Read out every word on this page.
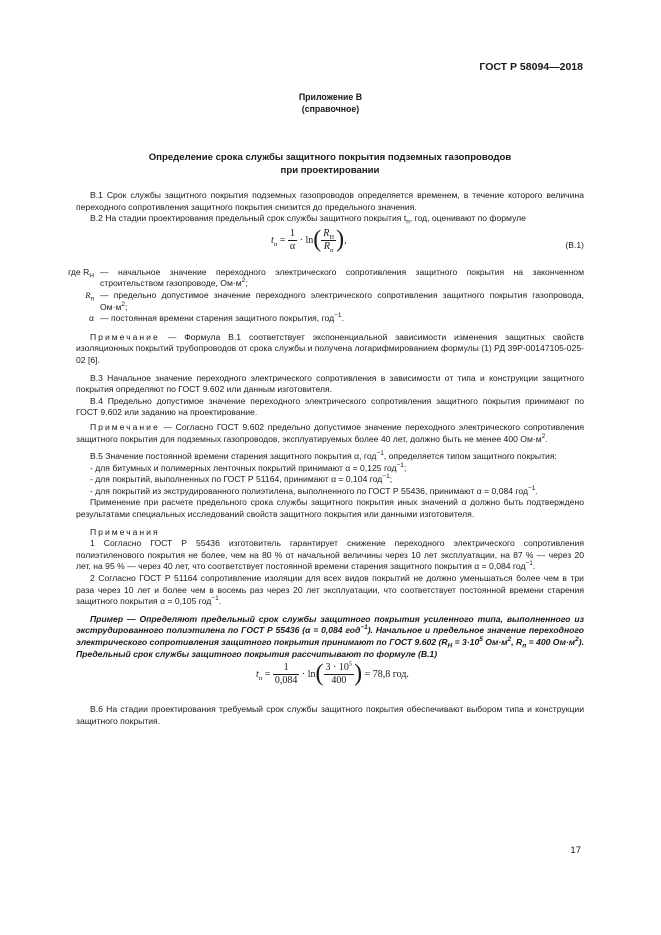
ГОСТ Р 58094—2018
Приложение В
(справочное)
Определение срока службы защитного покрытия подземных газопроводов
при проектировании

В.1 Срок службы защитного покрытия подземных газопроводов определяется временем, в течение которого величина переходного сопротивления защитного покрытия снизится до предельного значения.

В.2 На стадии проектирования предельный срок службы защитного покрытия $t_п$, год, оценивают по формуле

$t_п = \frac{1}{\alpha} \cdot \ln( \frac{R_Н}{R_п}$ ),	(В.1)

где $R_Н$ — начальное значение переходного электрического сопротивления защитного покрытия на законченном строительством газопроводе, $Ом\cdot м^2$;

$R_п$ — предельно допустимое значение переходного электрического сопротивления защитного покрытия газопровода, $Ом\cdot м^2$;

α — постоянная времени старения защитного покрытия, год$^{-1}$.

Примечание — Формула В.1 соответствует экспоненциальной зависимости изменения защитных свойств изоляционных покрытий трубопроводов от срока службы и получена логарифмированием формулы (1) РД 39Р-00147105-025-02 [6].

В.3 Начальное значение переходного электрического сопротивления в зависимости от типа и конструкции защитного покрытия определяют по ГОСТ 9.602 или данным изготовителя.

В.4 Предельно допустимое значение переходного электрического сопротивления защитного покрытия принимают по ГОСТ 9.602 или заданию на проектирование.

Примечание — Согласно ГОСТ 9.602 предельно допустимое значение переходного электрического сопротивления защитного покрытия для подземных газопроводов, эксплуатируемых более 40 лет, должно быть не менее 400 $Ом\cdot м^2$.

В.5 Значение постоянной времени старения защитного покрытия α, год$^{-1}$, определяется типом защитного покрытия:

- для битумных и полимерных ленточных покрытий принимают α = 0,125 год$^{-1}$;

- для покрытий, выполненных по ГОСТ Р 51164, принимают α = 0,104 год$^{-1}$;

- для покрытий из экструдированного полиэтилена, выполненного по ГОСТ Р 55436, принимают α = 0,084 год$^{-1}$.

Применение при расчете предельного срока службы защитного покрытия иных значений α должно быть подтверждено результатами специальных исследований свойств защитного покрытия или данными изготовителя.

Примечания

1 Согласно ГОСТ Р 55436 изготовитель гарантирует снижение переходного электрического сопротивления полиэтиленового покрытия не более, чем на 80 % от начальной величины через 10 лет эксплуатации, на 87 % — через 20 лет, на 95 % — через 40 лет, что соответствует постоянной времени старения защитного покрытия α = 0,084 год$^{-1}$.

2 Согласно ГОСТ Р 51164 сопротивление изоляции для всех видов покрытий не должно уменьшаться более чем в три раза через 10 лет и более чем в восемь раз через 20 лет эксплуатации, что соответствует постоянной времени старения защитного покрытия α = 0,105 год$^{-1}$.

Пример — Определяют предельный срок службы защитного покрытия усиленного типа, выполненного из экструдированного полиэтилена по ГОСТ Р 55436 (α = 0,084 год$^{-1}$). Начальное и предельное значение переходного электрического сопротивления защитного покрытия принимают по ГОСТ 9.602 ($R_Н = 3\cdot 10^5$ $Ом\cdot м^2$, $R_п = 400$ $Ом\cdot м^2$). Предельный срок службы защитного покрытия рассчитывают по формуле (В.1)

$t_п = \frac{1}{0,084} \cdot \ln( \frac{3 \cdot 10^5}{400}$ ) = 78,8 год.

В.6 На стадии проектирования требуемый срок службы защитного покрытия обеспечивают выбором типа и конструкции защитного покрытия.

17
